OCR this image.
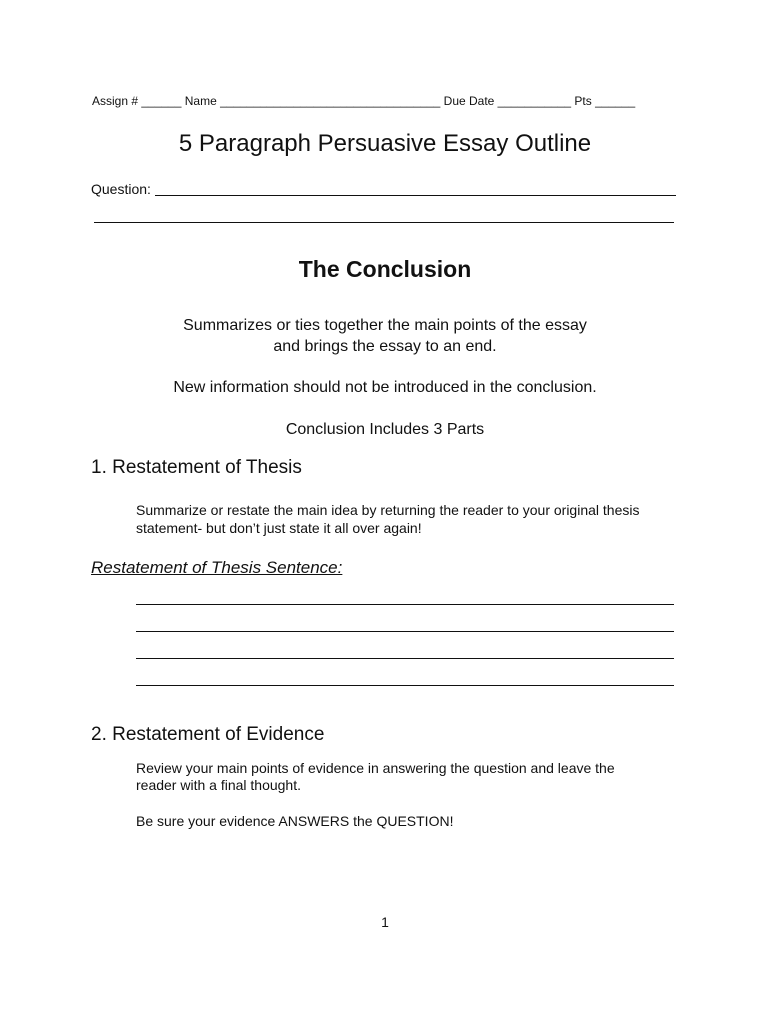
Assign # ______ Name _________________________________ Due Date ___________ Pts ______
5 Paragraph Persuasive Essay Outline
Question:
The Conclusion

Summarizes or ties together the main points of the essay

and brings the essay to an end.

New information should not be introduced in the conclusion.

Conclusion Includes 3 Parts

1. Restatement of Thesis

Summarize or restate the main idea by returning the reader to your original thesis

statement- but don’t just state it all over again!

Restatement of Thesis Sentence:

2. Restatement of Evidence

Review your main points of evidence in answering the question and leave the

reader with a final thought.

Be sure your evidence ANSWERS the QUESTION!

1
